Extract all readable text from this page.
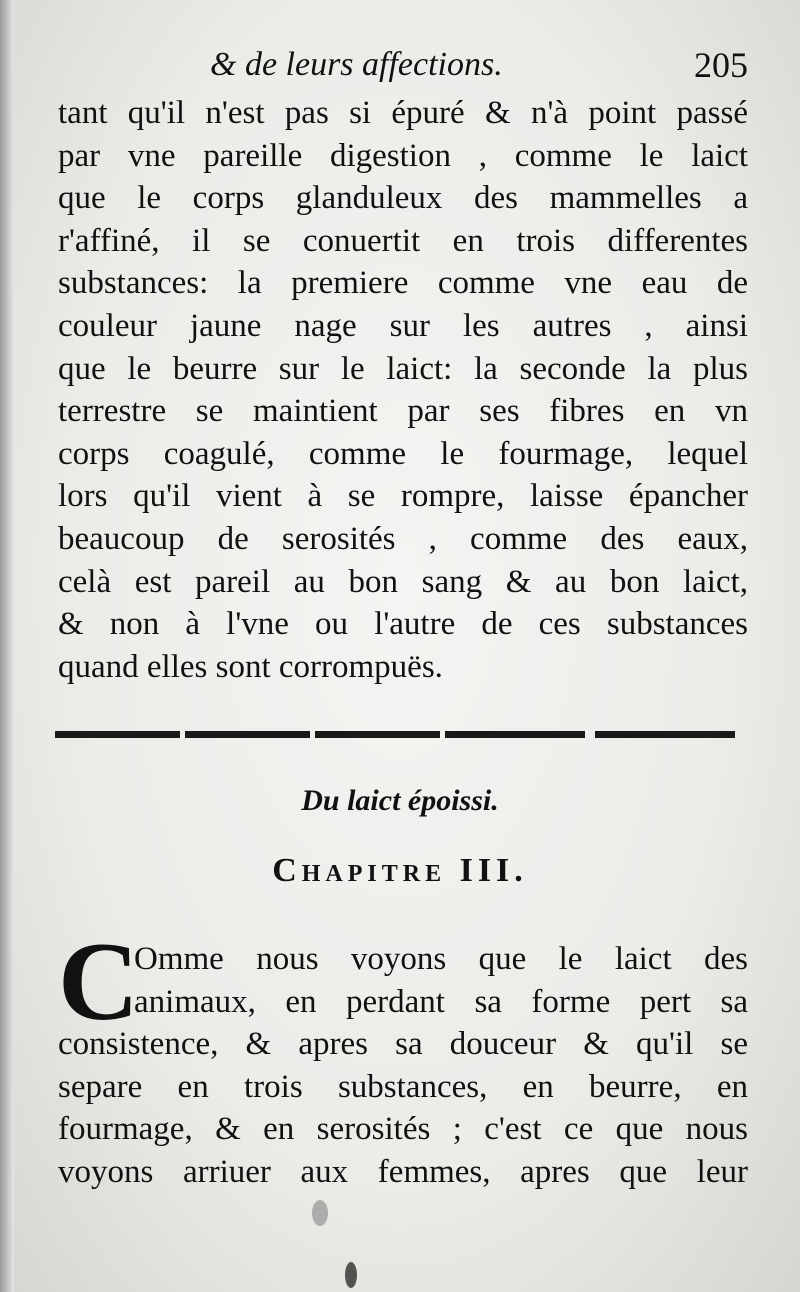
& de leurs affections.	205
tant qu'il n'est pas si épuré & n'à point passé
par vne pareille digestion , comme le laict
que le corps glanduleux des mammelles a
r'affiné, il se conuertit en trois differentes
substances: la premiere comme vne eau de
couleur jaune nage sur les autres , ainsi
que le beurre sur le laict: la seconde la plus
terrestre se maintient par ses fibres en vn
corps coagulé, comme le fourmage, lequel
lors qu'il vient à se rompre, laisse épancher
beaucoup de serosités , comme des eaux,
celà est pareil au bon sang & au bon laict,
& non à l'vne ou l'autre de ces substances
quand elles sont corrompuës.
Du laict époissi.
Chapitre III.
C
Omme nous voyons que le laict des
animaux, en perdant sa forme pert sa
consistence, & apres sa douceur & qu'il se
separe en trois substances, en beurre, en
fourmage, & en serosités ; c'est ce que nous
voyons arriuer aux femmes, apres que leur
